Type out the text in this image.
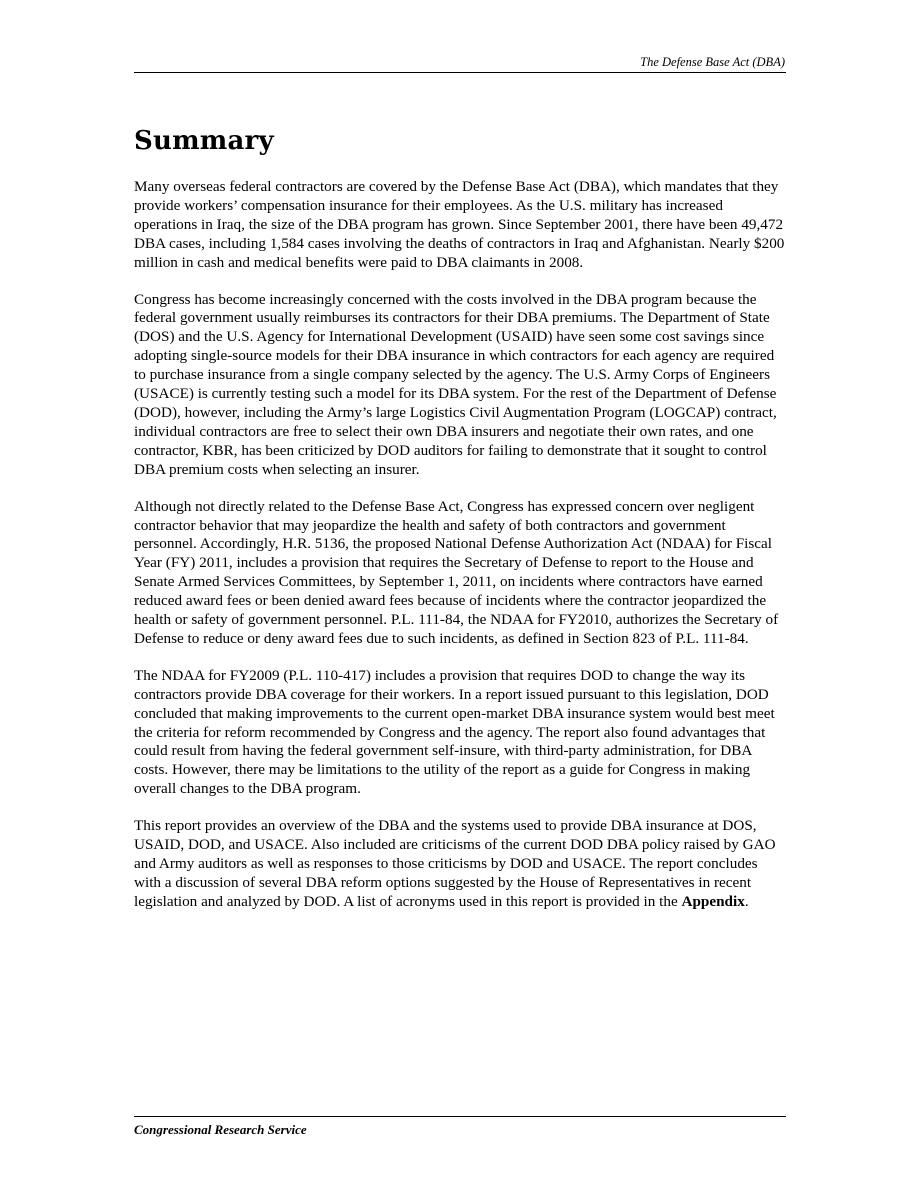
The Defense Base Act (DBA)
Summary

Many overseas federal contractors are covered by the Defense Base Act (DBA), which mandates that they provide workers’ compensation insurance for their employees. As the U.S. military has increased operations in Iraq, the size of the DBA program has grown. Since September 2001, there have been 49,472 DBA cases, including 1,584 cases involving the deaths of contractors in Iraq and Afghanistan. Nearly $200 million in cash and medical benefits were paid to DBA claimants in 2008.

Congress has become increasingly concerned with the costs involved in the DBA program because the federal government usually reimburses its contractors for their DBA premiums. The Department of State (DOS) and the U.S. Agency for International Development (USAID) have seen some cost savings since adopting single-source models for their DBA insurance in which contractors for each agency are required to purchase insurance from a single company selected by the agency. The U.S. Army Corps of Engineers (USACE) is currently testing such a model for its DBA system. For the rest of the Department of Defense (DOD), however, including the Army’s large Logistics Civil Augmentation Program (LOGCAP) contract, individual contractors are free to select their own DBA insurers and negotiate their own rates, and one contractor, KBR, has been criticized by DOD auditors for failing to demonstrate that it sought to control DBA premium costs when selecting an insurer.

Although not directly related to the Defense Base Act, Congress has expressed concern over negligent contractor behavior that may jeopardize the health and safety of both contractors and government personnel. Accordingly, H.R. 5136, the proposed National Defense Authorization Act (NDAA) for Fiscal Year (FY) 2011, includes a provision that requires the Secretary of Defense to report to the House and Senate Armed Services Committees, by September 1, 2011, on incidents where contractors have earned reduced award fees or been denied award fees because of incidents where the contractor jeopardized the health or safety of government personnel. P.L. 111-84, the NDAA for FY2010, authorizes the Secretary of Defense to reduce or deny award fees due to such incidents, as defined in Section 823 of P.L. 111-84.

The NDAA for FY2009 (P.L. 110-417) includes a provision that requires DOD to change the way its contractors provide DBA coverage for their workers. In a report issued pursuant to this legislation, DOD concluded that making improvements to the current open-market DBA insurance system would best meet the criteria for reform recommended by Congress and the agency. The report also found advantages that could result from having the federal government self-insure, with third-party administration, for DBA costs. However, there may be limitations to the utility of the report as a guide for Congress in making overall changes to the DBA program.

This report provides an overview of the DBA and the systems used to provide DBA insurance at DOS, USAID, DOD, and USACE. Also included are criticisms of the current DOD DBA policy raised by GAO and Army auditors as well as responses to those criticisms by DOD and USACE. The report concludes with a discussion of several DBA reform options suggested by the House of Representatives in recent legislation and analyzed by DOD. A list of acronyms used in this report is provided in the Appendix.

Congressional Research Service
